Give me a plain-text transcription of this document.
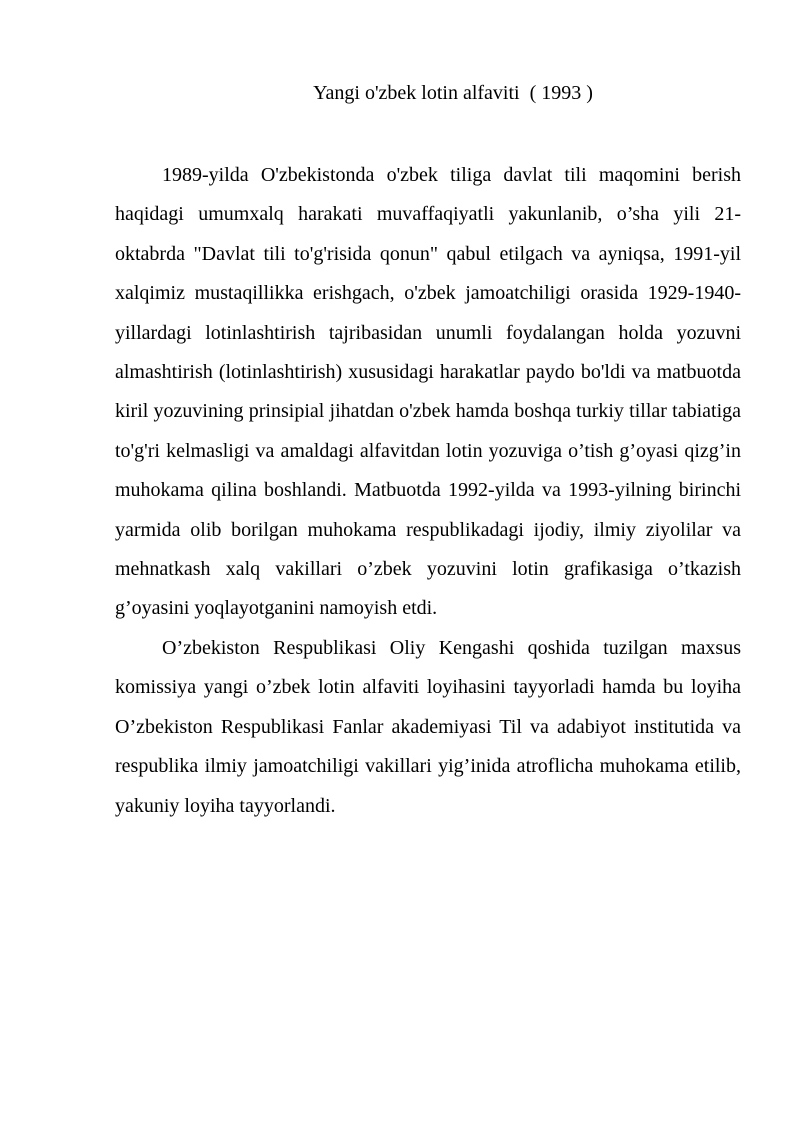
Yangi o'zbek lotin alfaviti  ( 1993 )

1989-yilda O'zbekistonda o'zbek tiliga davlat tili maqomini berish haqidagi umumxalq harakati muvaffaqiyatli yakunlanib, o’sha yili 21-oktabrda "Davlat tili to'g'risida qonun" qabul etilgach va ayniqsa, 1991-yil xalqimiz mustaqillikka erishgach, o'zbek jamoatchiligi orasida 1929-1940-yillardagi lotinlashtirish tajribasidan unumli foydalangan holda yozuvni almashtirish (lotinlashtirish) xususidagi harakatlar paydo bo'ldi va matbuotda kiril yozuvining prinsipial jihatdan o'zbek hamda boshqa turkiy tillar tabiatiga to'g'ri kelmasligi va amaldagi alfavitdan lotin yozuviga o’tish g’oyasi qizg’in muhokama qilina boshlandi. Matbuotda 1992-yilda va 1993-yilning birinchi yarmida olib borilgan muhokama respublikadagi ijodiy, ilmiy ziyolilar va mehnatkash xalq vakillari o’zbek yozuvini lotin grafikasiga o’tkazish g’oyasini yoqlayotganini namoyish etdi.

O’zbekiston Respublikasi Oliy Kengashi qoshida tuzilgan maxsus komissiya yangi o’zbek lotin alfaviti loyihasini tayyorladi hamda bu loyiha O’zbekiston Respublikasi Fanlar akademiyasi Til va adabiyot institutida va respublika ilmiy jamoatchiligi vakillari yig’inida atroflicha muhokama etilib, yakuniy loyiha tayyorlandi.
